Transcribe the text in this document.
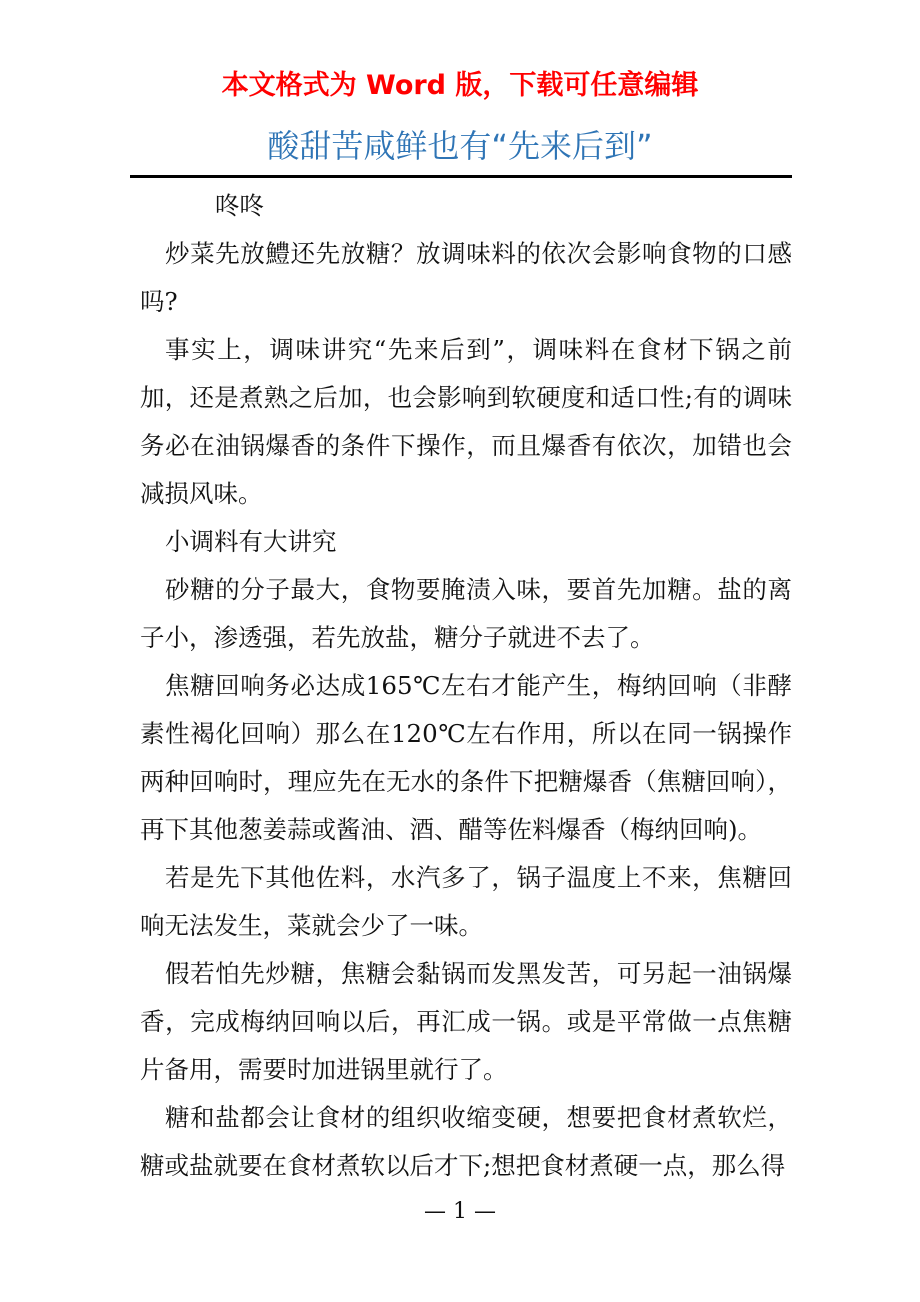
本文格式为 Word 版，下载可任意编辑
酸甜苦咸鲜也有“先来后到”

咚咚

炒菜先放鱧还先放糖？放调味料的依次会影响食物的口感吗?

事实上，调味讲究“先来后到”，调味料在食材下锅之前加，还是煮熟之后加，也会影响到软硬度和适口性;有的调味务必在油锅爆香的条件下操作，而且爆香有依次，加错也会减损风味。

小调料有大讲究

砂糖的分子最大，食物要腌渍入味，要首先加糖。盐的离子小，渗透强，若先放盐，糖分子就进不去了。

焦糖回响务必达成165℃左右才能产生，梅纳回响（非酵素性褐化回响）那么在120℃左右作用，所以在同一锅操作两种回响时，理应先在无水的条件下把糖爆香（焦糖回响），再下其他葱姜蒜或酱油、酒、醋等佐料爆香（梅纳回响)。

若是先下其他佐料，水汽多了，锅子温度上不来，焦糖回响无法发生，菜就会少了一味。

假若怕先炒糖，焦糖会黏锅而发黑发苦，可另起一油锅爆香，完成梅纳回响以后，再汇成一锅。或是平常做一点焦糖片备用，需要时加进锅里就行了。

糖和盐都会让食材的组织收缩变硬，想要把食材煮软烂，糖或盐就要在食材煮软以后才下;想把食材煮硬一点，那么得

— 1 —
